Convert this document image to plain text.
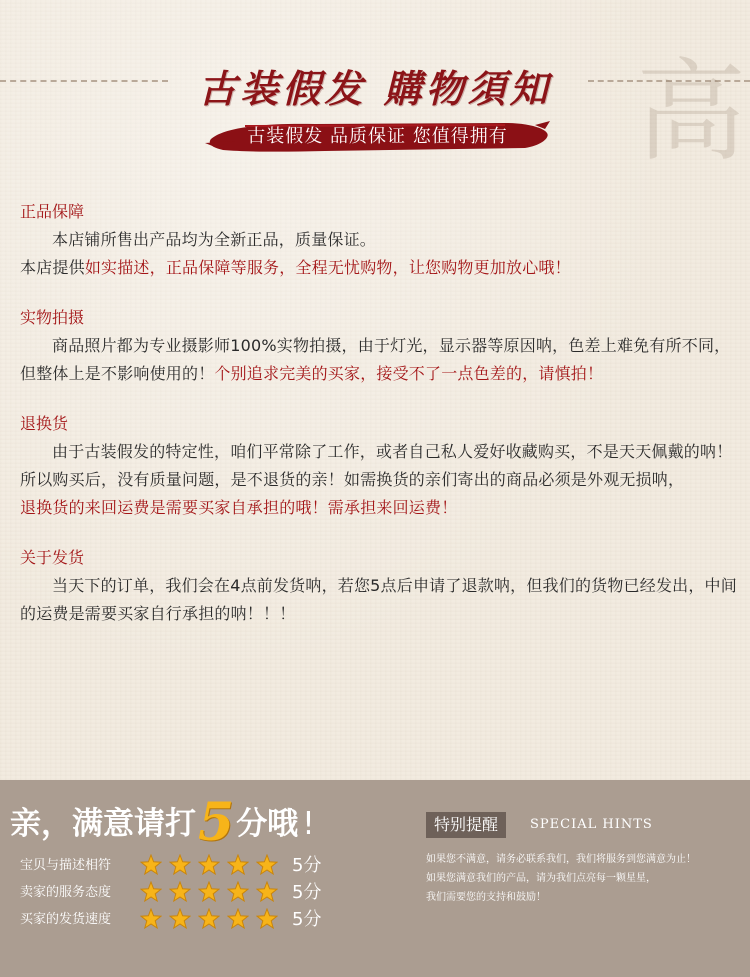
古装假发 購物須知 高
古装假发 品质保证 您值得拥有
正品保障
本店铺所售出产品均为全新正品，质量保证。
本店提供如实描述，正品保障等服务，全程无忧购物，让您购物更加放心哦！
实物拍摄
商品照片都为专业摄影师100%实物拍摄，由于灯光，显示器等原因呐，色差上难免有所不同，但整体上是不影响使用的！个别追求完美的买家，接受不了一点色差的，请慎拍！
退换货
由于古装假发的特定性，咱们平常除了工作，或者自己私人爱好收藏购买，不是天天佩戴的呐！
所以购买后，没有质量问题，是不退货的亲！如需换货的亲们寄出的商品必须是外观无损呐，
退换货的来回运费是需要买家自承担的哦！需承担来回运费！
关于发货
当天下的订单，我们会在4点前发货呐，若您5点后申请了退款呐，但我们的货物已经发出，中间的运费是需要买家自行承担的呐！！！
亲，满意请打5分哦 !
宝贝与描述相符	5分
卖家的服务态度	5分
买家的发货速度	5分
特别提醒	SPECIAL HINTS
如果您不满意，请务必联系我们，我们将服务到您满意为止！
如果您满意我们的产品，请为我们点亮每一颗星星，
我们需要您的支持和鼓励！
